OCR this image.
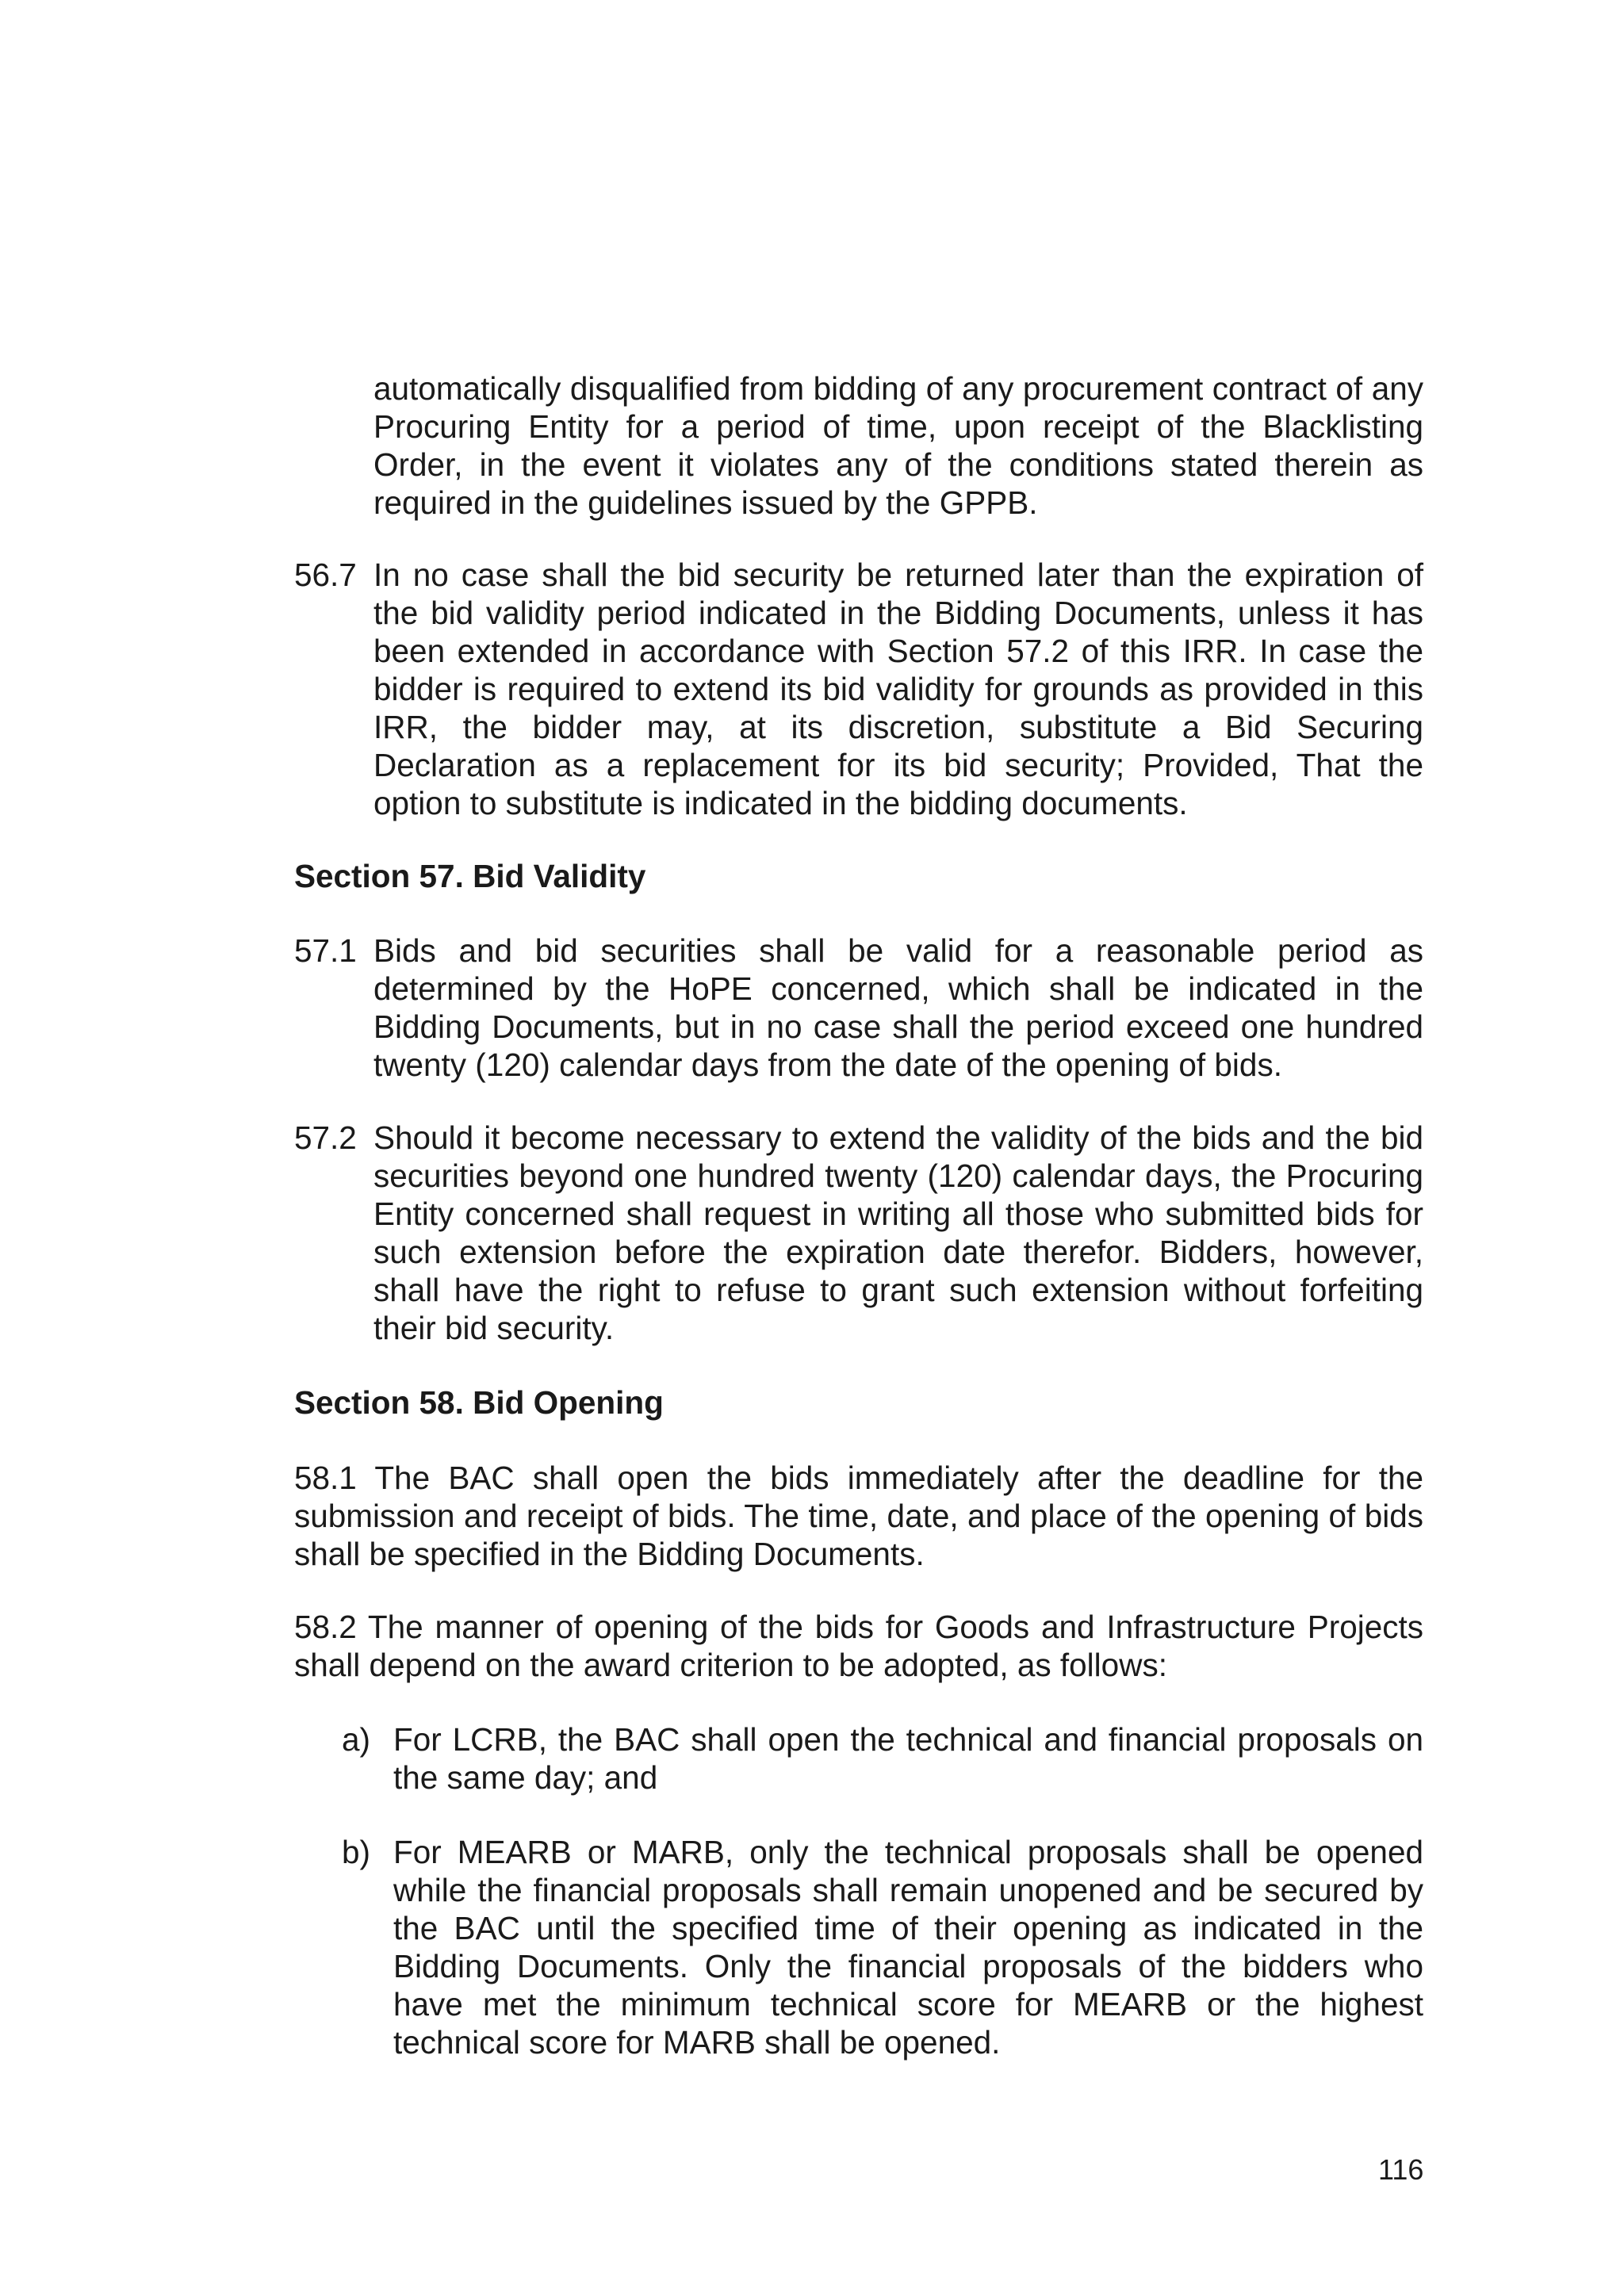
automatically disqualified from bidding of any procurement contract of any Procuring Entity for a period of time, upon receipt of the Blacklisting Order, in the event it violates any of the conditions stated therein as required in the guidelines issued by the GPPB.
56.7 In no case shall the bid security be returned later than the expiration of the bid validity period indicated in the Bidding Documents, unless it has been extended in accordance with Section 57.2 of this IRR. In case the bidder is required to extend its bid validity for grounds as provided in this IRR, the bidder may, at its discretion, substitute a Bid Securing Declaration as a replacement for its bid security; Provided, That the option to substitute is indicated in the bidding documents.
Section 57. Bid Validity
57.1 Bids and bid securities shall be valid for a reasonable period as determined by the HoPE concerned, which shall be indicated in the Bidding Documents, but in no case shall the period exceed one hundred twenty (120) calendar days from the date of the opening of bids.
57.2 Should it become necessary to extend the validity of the bids and the bid securities beyond one hundred twenty (120) calendar days, the Procuring Entity concerned shall request in writing all those who submitted bids for such extension before the expiration date therefor. Bidders, however, shall have the right to refuse to grant such extension without forfeiting their bid security.
Section 58. Bid Opening
58.1 The BAC shall open the bids immediately after the deadline for the submission and receipt of bids. The time, date, and place of the opening of bids shall be specified in the Bidding Documents.
58.2 The manner of opening of the bids for Goods and Infrastructure Projects shall depend on the award criterion to be adopted, as follows:
a) For LCRB, the BAC shall open the technical and financial proposals on the same day; and
b) For MEARB or MARB, only the technical proposals shall be opened while the financial proposals shall remain unopened and be secured by the BAC until the specified time of their opening as indicated in the Bidding Documents. Only the financial proposals of the bidders who have met the minimum technical score for MEARB or the highest technical score for MARB shall be opened.
116
